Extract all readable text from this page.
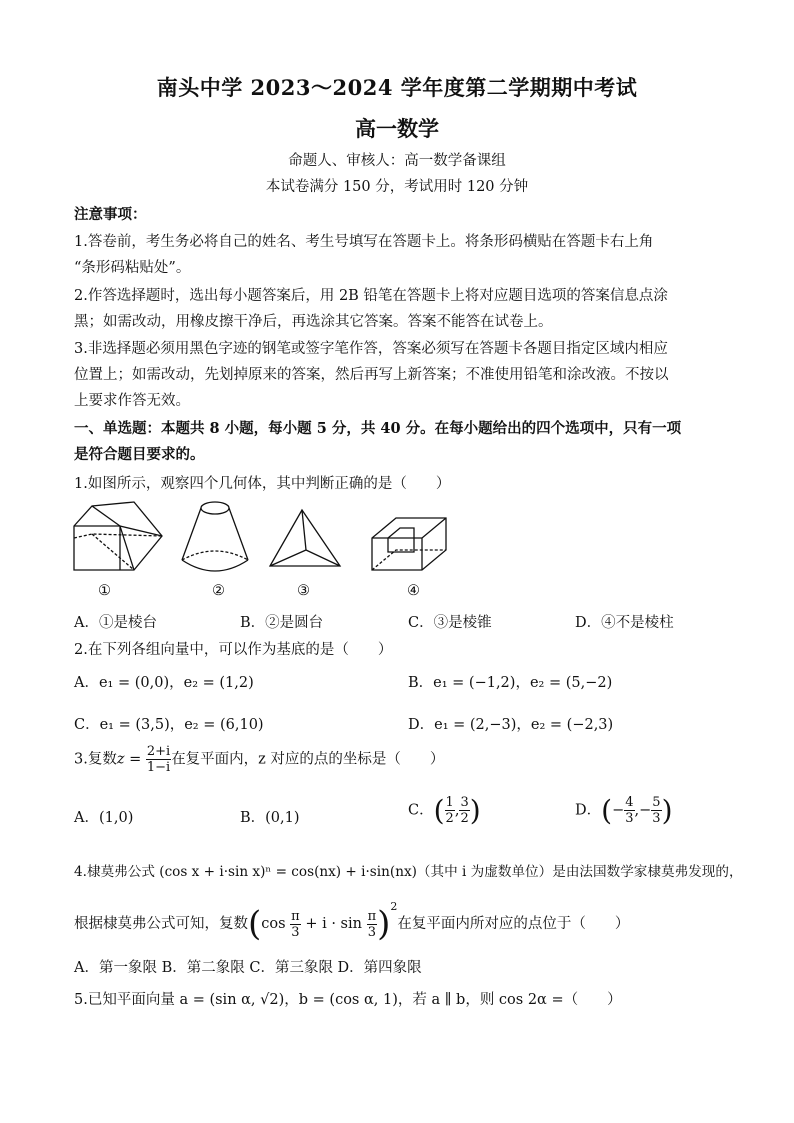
南头中学 2023～2024 学年度第二学期期中考试
高一数学
命题人、审核人：高一数学备课组
本试卷满分 150 分，考试用时 120 分钟
注意事项：
1.答卷前，考生务必将自己的姓名、考生号填写在答题卡上。将条形码横贴在答题卡右上角
“条形码粘贴处”。
2.作答选择题时，选出每小题答案后，用 2B 铅笔在答题卡上将对应题目选项的答案信息点涂
黑；如需改动，用橡皮擦干净后，再选涂其它答案。答案不能答在试卷上。
3.非选择题必须用黑色字迹的钢笔或签字笔作答，答案必须写在答题卡各题目指定区域内相应
位置上；如需改动，先划掉原来的答案，然后再写上新答案；不准使用铅笔和涂改液。不按以
上要求作答无效。
一、单选题：本题共 8 小题，每小题 5 分，共 40 分。在每小题给出的四个选项中，只有一项
是符合题目要求的。
1.如图所示，观察四个几何体，其中判断正确的是（　　）
①	②	③	④
A．①是棱台	B．②是圆台	C．③是棱锥	D．④不是棱柱
2.在下列各组向量中，可以作为基底的是（　　）
A．e₁ = (0,0)，e₂ = (1,2)	B．e₁ = (−1,2)，e₂ = (5,−2)
C．e₁ = (3,5)，e₂ = (6,10)	D．e₁ = (2,−3)，e₂ = (−2,3)
3.复数$z = \frac{2+i}{1-i}$ 在复平面内，z 对应的点的坐标是（　　）
A．(1,0)	B．(0,1)	C．( $\frac{1}{2}$ , $\frac{3}{2}$ )	D．(− $\frac{4}{3}$ ,− $\frac{5}{3}$ )
4.棣莫弗公式 (cos x + i·sin x)ⁿ = cos(nx) + i·sin(nx)（其中 i 为虚数单位）是由法国数学家棣莫弗发现的，
根据棣莫弗公式可知，复数$(\cos \frac{\pi}{3} + i \cdot \sin \frac{\pi}{3} )^2$在复平面内所对应的点位于（　　）
A．第一象限 B．第二象限 C．第三象限 D．第四象限
5.已知平面向量 a = (sin α, √2)，b = (cos α, 1)，若 a ∥ b，则 cos 2α =（　　）
